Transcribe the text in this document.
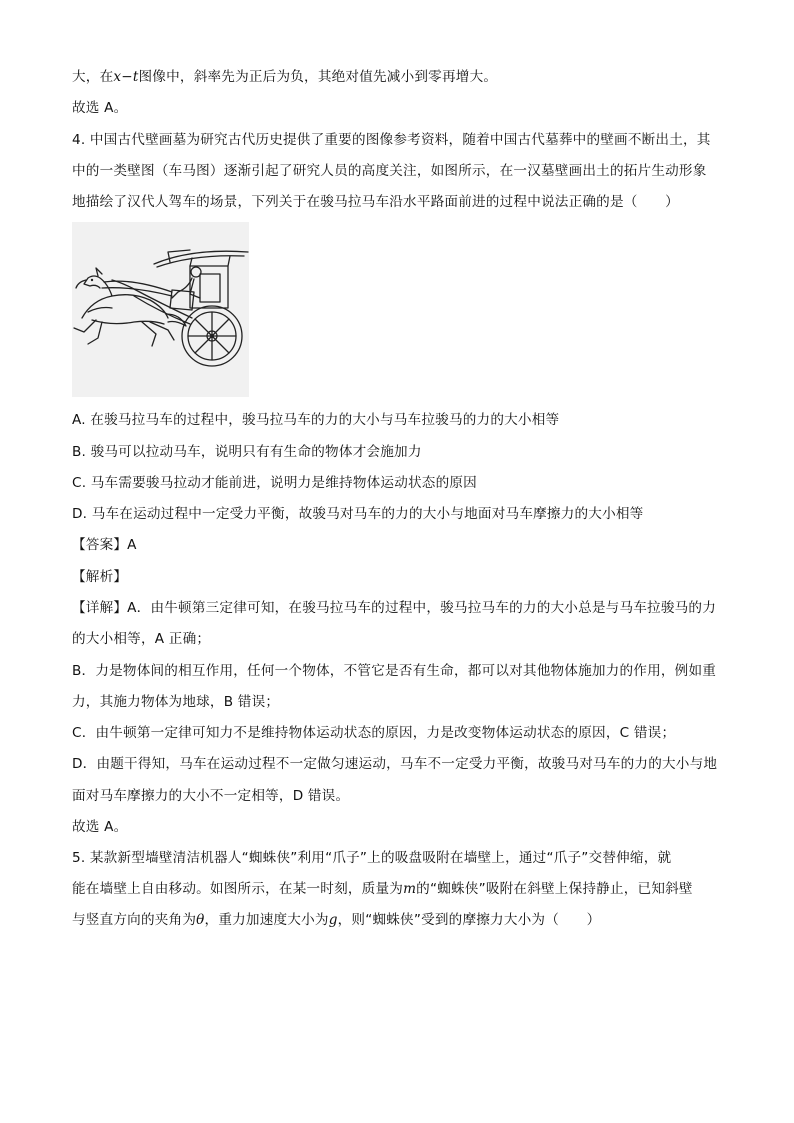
大，在x−t图像中，斜率先为正后为负，其绝对值先减小到零再增大。
故选 A。
4. 中国古代壁画墓为研究古代历史提供了重要的图像参考资料，随着中国古代墓葬中的壁画不断出土，其
中的一类壁图（车马图）逐渐引起了研究人员的高度关注，如图所示，在一汉墓壁画出土的拓片生动形象
地描绘了汉代人驾车的场景，下列关于在骏马拉马车沿水平路面前进的过程中说法正确的是（　　）
A. 在骏马拉马车的过程中，骏马拉马车的力的大小与马车拉骏马的力的大小相等
B. 骏马可以拉动马车，说明只有有生命的物体才会施加力
C. 马车需要骏马拉动才能前进，说明力是维持物体运动状态的原因
D. 马车在运动过程中一定受力平衡，故骏马对马车的力的大小与地面对马车摩擦力的大小相等
【答案】A
【解析】
【详解】A．由牛顿第三定律可知，在骏马拉马车的过程中，骏马拉马车的力的大小总是与马车拉骏马的力
的大小相等，A 正确；
B．力是物体间的相互作用，任何一个物体，不管它是否有生命，都可以对其他物体施加力的作用，例如重
力，其施力物体为地球，B 错误；
C．由牛顿第一定律可知力不是维持物体运动状态的原因，力是改变物体运动状态的原因，C 错误；
D．由题干得知，马车在运动过程不一定做匀速运动，马车不一定受力平衡，故骏马对马车的力的大小与地
面对马车摩擦力的大小不一定相等，D 错误。
故选 A。
5. 某款新型墙壁清洁机器人“蜘蛛侠”利用“爪子”上的吸盘吸附在墙壁上，通过“爪子”交替伸缩，就
能在墙壁上自由移动。如图所示，在某一时刻，质量为m的“蜘蛛侠”吸附在斜壁上保持静止，已知斜壁
与竖直方向的夹角为θ，重力加速度大小为g，则“蜘蛛侠”受到的摩擦力大小为（　　）
